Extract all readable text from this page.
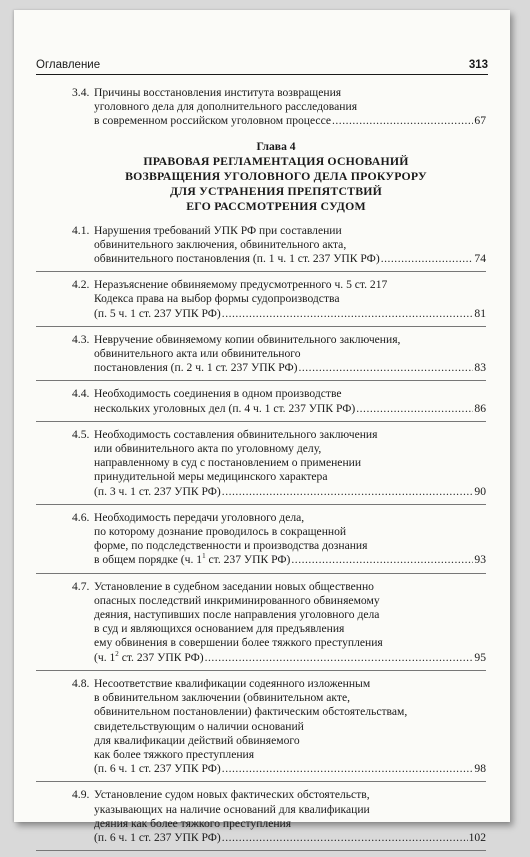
Оглавление	313
3.4. Причины восстановления института возвращения
уголовного дела для дополнительного расследования
в современном российском уголовном процессе . . .	67
Глава 4
ПРАВОВАЯ РЕГЛАМЕНТАЦИЯ ОСНОВАНИЙ
ВОЗВРАЩЕНИЯ УГОЛОВНОГО ДЕЛА ПРОКУРОРУ
ДЛЯ УСТРАНЕНИЯ ПРЕПЯТСТВИЙ
ЕГО РАССМОТРЕНИЯ СУДОМ
4.1. Нарушения требований УПК РФ при составлении
обвинительного заключения, обвинительного акта,
обвинительного постановления (п. 1 ч. 1 ст. 237 УПК РФ) . . .	74
4.2. Неразъяснение обвиняемому предусмотренного ч. 5 ст. 217
Кодекса права на выбор формы судопроизводства
(п. 5 ч. 1 ст. 237 УПК РФ) . . .	81
4.3. Невручение обвиняемому копии обвинительного заключения,
обвинительного акта или обвинительного
постановления (п. 2 ч. 1 ст. 237 УПК РФ) . . .	83
4.4. Необходимость соединения в одном производстве
нескольких уголовных дел (п. 4 ч. 1 ст. 237 УПК РФ) . . .	86
4.5. Необходимость составления обвинительного заключения
или обвинительного акта по уголовному делу,
направленному в суд с постановлением о применении
принудительной меры медицинского характера
(п. 3 ч. 1 ст. 237 УПК РФ) . . .	90
4.6. Необходимость передачи уголовного дела,
по которому дознание проводилось в сокращенной
форме, по подследственности и производства дознания
в общем порядке (ч. $1^1$ ст. 237 УПК РФ) . . .	93
4.7. Установление в судебном заседании новых общественно
опасных последствий инкриминированного обвиняемому
деяния, наступивших после направления уголовного дела
в суд и являющихся основанием для предъявления
ему обвинения в совершении более тяжкого преступления
(ч. $1^2$ ст. 237 УПК РФ) . . .	95
4.8. Несоответствие квалификации содеянного изложенным
в обвинительном заключении (обвинительном акте,
обвинительном постановлении) фактическим обстоятельствам,
свидетельствующим о наличии оснований
для квалификации действий обвиняемого
как более тяжкого преступления
(п. 6 ч. 1 ст. 237 УПК РФ) . . .	98
4.9. Установление судом новых фактических обстоятельств,
указывающих на наличие оснований для квалификации
деяния как более тяжкого преступления
(п. 6 ч. 1 ст. 237 УПК РФ) . . .	102
